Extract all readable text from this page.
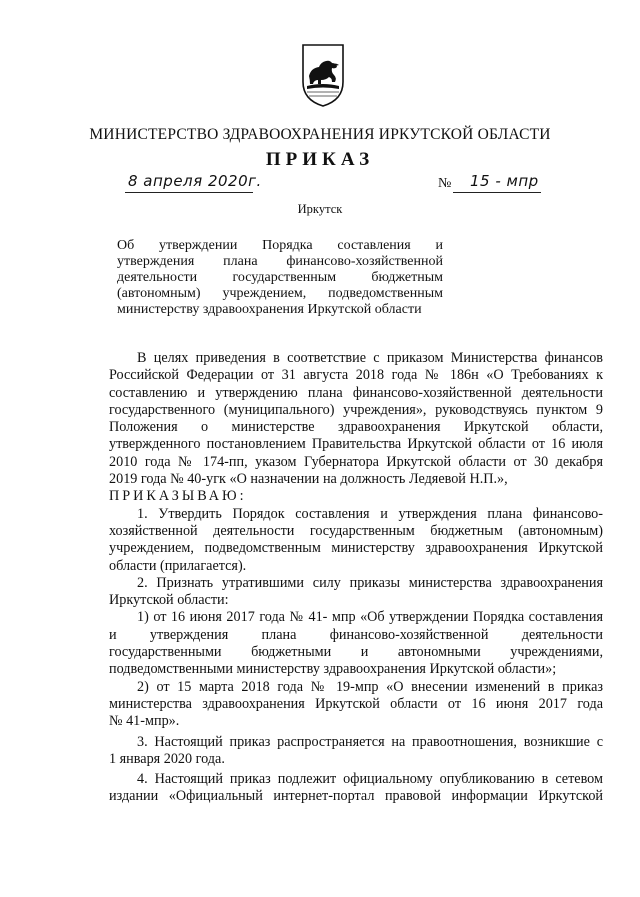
МИНИСТЕРСТВО ЗДРАВООХРАНЕНИЯ ИРКУТСКОЙ ОБЛАСТИ
ПРИКАЗ
8 апреля 2020г.	№ 15 - мпр
Иркутск
Об утверждении Порядка составления и
утверждения плана финансово-хозяйственной
деятельности государственным бюджетным
(автономным) учреждением, подведомственным
министерству здравоохранения Иркутской области
В целях приведения в соответствие с приказом Министерства финансов
Российской Федерации от 31 августа 2018 года № 186н «О Требованиях к
составлению и утверждению плана финансово-хозяйственной деятельности
государственного (муниципального) учреждения», руководствуясь пунктом 9
Положения о министерстве здравоохранения Иркутской области,
утвержденного постановлением Правительства Иркутской области от 16 июля
2010 года № 174-пп, указом Губернатора Иркутской области от 30 декабря
2019 года № 40-угк «О назначении на должность Ледяевой Н.П.»,
ПРИКАЗЫВАЮ:
1. Утвердить Порядок составления и утверждения плана финансово-
хозяйственной деятельности государственным бюджетным (автономным)
учреждением, подведомственным министерству здравоохранения Иркутской
области (прилагается).
2. Признать утратившими силу приказы министерства здравоохранения
Иркутской области:
1) от 16 июня 2017 года № 41- мпр «Об утверждении Порядка составления
и утверждения плана финансово-хозяйственной деятельности
государственными бюджетными и автономными учреждениями,
подведомственными министерству здравоохранения Иркутской области»;
2) от 15 марта 2018 года № 19-мпр «О внесении изменений в приказ
министерства здравоохранения Иркутской области от 16 июня 2017 года
№ 41-мпр».
3. Настоящий приказ распространяется на правоотношения, возникшие с
1 января 2020 года.
4. Настоящий приказ подлежит официальному опубликованию в сетевом
издании «Официальный интернет-портал правовой информации Иркутской
